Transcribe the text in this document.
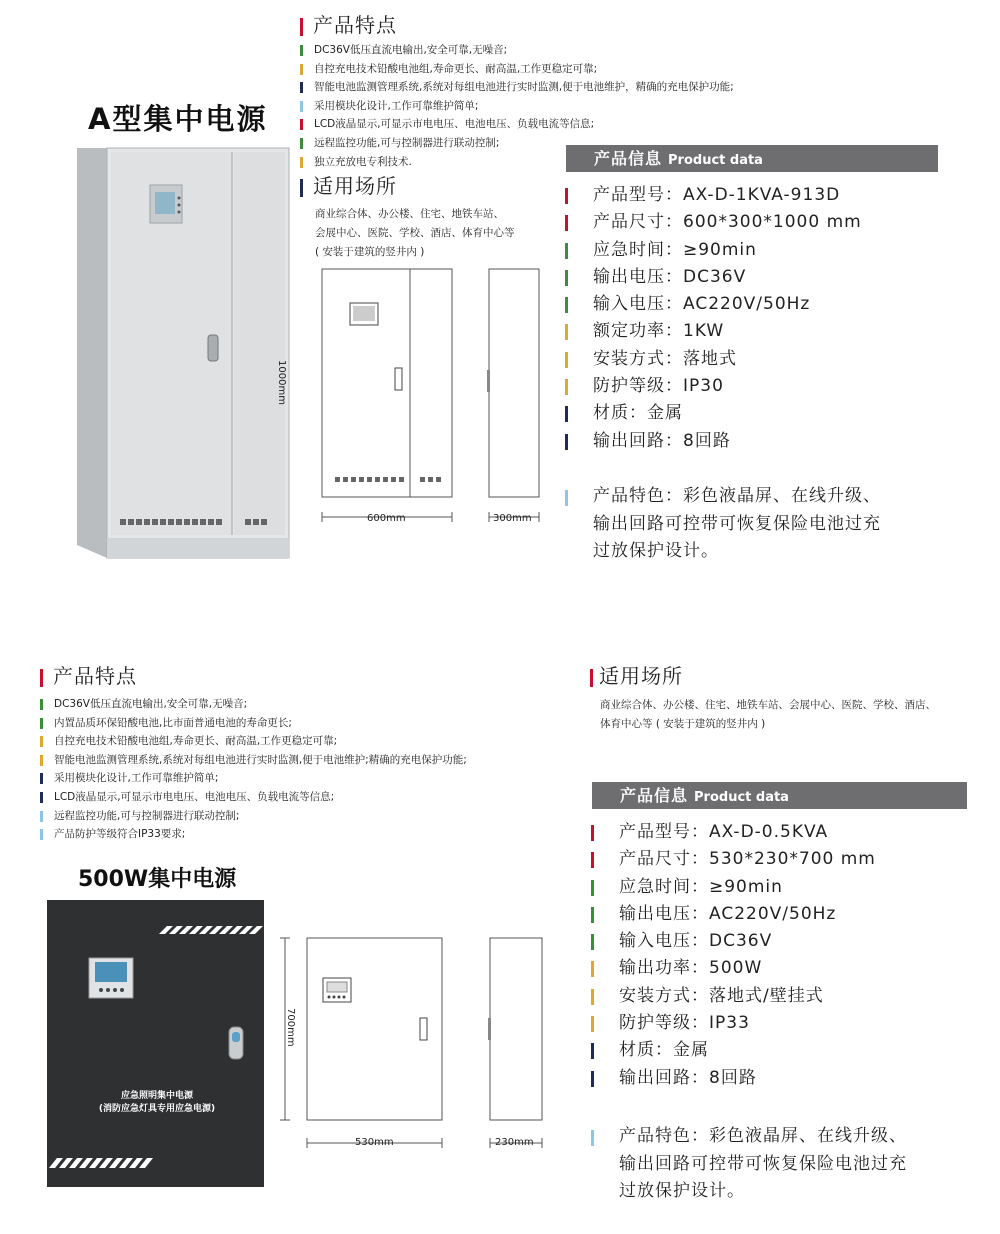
产品特点
DC36V低压直流电输出,安全可靠,无噪音;
自控充电技术铅酸电池组,寿命更长、耐高温,工作更稳定可靠;
智能电池监测管理系统,系统对每组电池进行实时监测,便于电池维护，精确的充电保护功能;
采用模块化设计,工作可靠维护简单;
LCD液晶显示,可显示市电电压、电池电压、负载电流等信息;
远程监控功能,可与控制器进行联动控制;
独立充放电专利技术.
A型集中电源
适用场所
商业综合体、办公楼、住宅、地铁车站、
会展中心、医院、学校、酒店、体育中心等
( 安装于建筑的竖井内 )
1000mm
600mm	300mm
产品信息 Product data
产品型号：AX-D-1KVA-913D
产品尺寸：600*300*1000 mm
应急时间：≥90min
输出电压：DC36V
输入电压：AC220V/50Hz
额定功率：1KW
安装方式：落地式
防护等级：IP30
材质：金属
输出回路：8回路
产品特色：彩色液晶屏、在线升级、
输出回路可控带可恢复保险电池过充
过放保护设计。
产品特点
DC36V低压直流电输出,安全可靠,无噪音;
内置品质环保铅酸电池,比市面普通电池的寿命更长;
自控充电技术铅酸电池组,寿命更长、耐高温,工作更稳定可靠;
智能电池监测管理系统,系统对每组电池进行实时监测,便于电池维护;精确的充电保护功能;
采用模块化设计,工作可靠维护简单;
LCD液晶显示,可显示市电电压、电池电压、负载电流等信息;
远程监控功能,可与控制器进行联动控制;
产品防护等级符合IP33要求;
500W集中电源
应急照明集中电源
(消防应急灯具专用应急电源)
700mm
530mm	230mm
适用场所
商业综合体、办公楼、住宅、地铁车站、会展中心、医院、学校、酒店、
体育中心等 ( 安装于建筑的竖井内 )
产品信息 Product data
产品型号：AX-D-0.5KVA
产品尺寸：530*230*700 mm
应急时间：≥90min
输出电压：AC220V/50Hz
输入电压：DC36V
输出功率：500W
安装方式：落地式/壁挂式
防护等级：IP33
材质：金属
输出回路：8回路
产品特色：彩色液晶屏、在线升级、
输出回路可控带可恢复保险电池过充
过放保护设计。
